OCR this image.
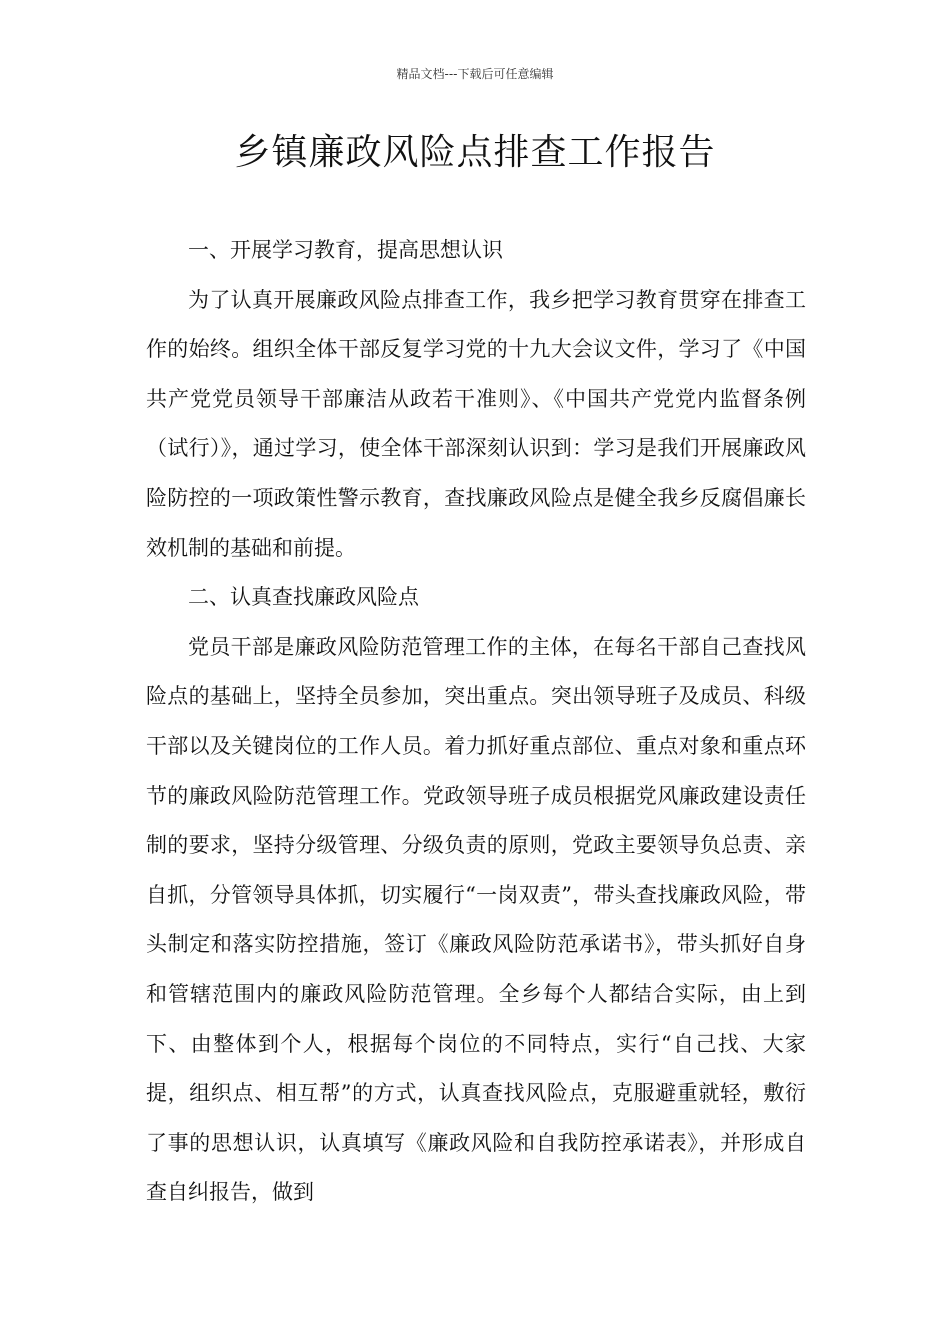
精品文档---下载后可任意编辑
乡镇廉政风险点排查工作报告
一、开展学习教育，提高思想认识

为了认真开展廉政风险点排查工作，我乡把学习教育贯穿在排查工作的始终。组织全体干部反复学习党的十九大会议文件，学习了《中国共产党党员领导干部廉洁从政若干准则》、《中国共产党党内监督条例（试行）》，通过学习，使全体干部深刻认识到：学习是我们开展廉政风险防控的一项政策性警示教育，查找廉政风险点是健全我乡反腐倡廉长效机制的基础和前提。

二、认真查找廉政风险点

党员干部是廉政风险防范管理工作的主体，在每名干部自己查找风险点的基础上，坚持全员参加，突出重点。突出领导班子及成员、科级干部以及关键岗位的工作人员。着力抓好重点部位、重点对象和重点环节的廉政风险防范管理工作。党政领导班子成员根据党风廉政建设责任制的要求，坚持分级管理、分级负责的原则，党政主要领导负总责、亲自抓，分管领导具体抓，切实履行“一岗双责”，带头查找廉政风险，带头制定和落实防控措施，签订《廉政风险防范承诺书》，带头抓好自身和管辖范围内的廉政风险防范管理。全乡每个人都结合实际，由上到下、由整体到个人，根据每个岗位的不同特点，实行“自己找、大家提，组织点、相互帮”的方式，认真查找风险点，克服避重就轻，敷衍了事的思想认识，认真填写《廉政风险和自我防控承诺表》，并形成自查自纠报告，做到
